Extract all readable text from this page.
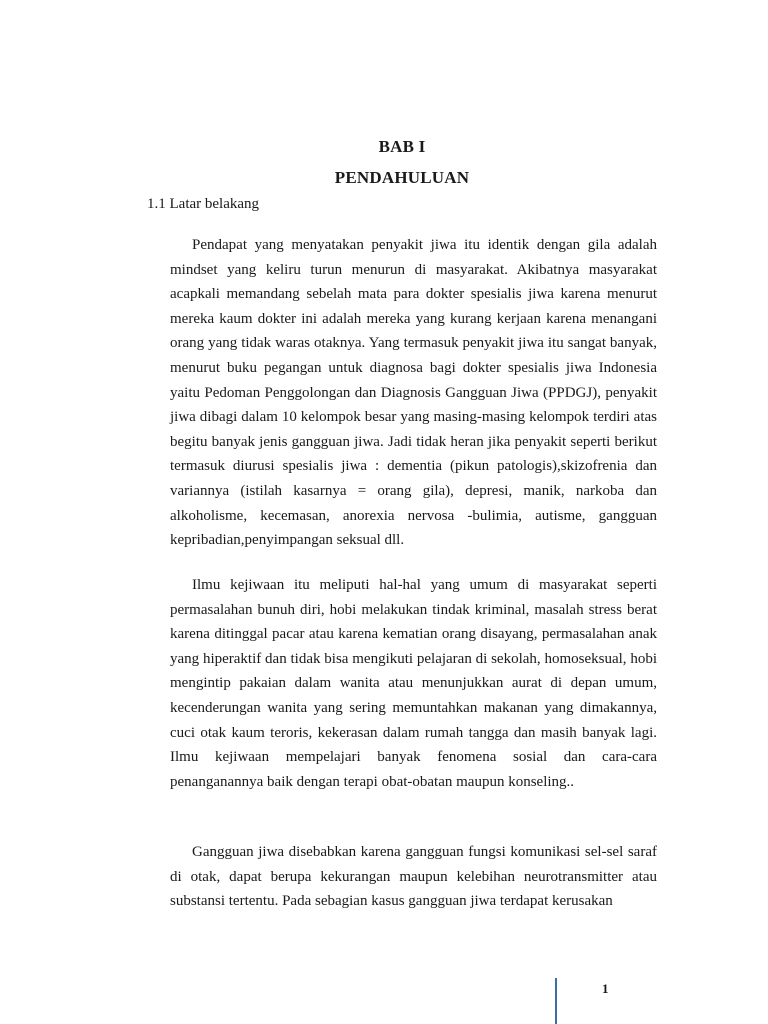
BAB I
PENDAHULUAN
1.1 Latar belakang

Pendapat yang menyatakan penyakit jiwa itu identik dengan gila adalah mindset yang keliru turun menurun di masyarakat. Akibatnya masyarakat acapkali memandang sebelah mata para dokter spesialis jiwa karena menurut mereka kaum dokter ini adalah mereka yang kurang kerjaan karena menangani orang yang tidak waras otaknya. Yang termasuk penyakit jiwa itu sangat banyak, menurut buku pegangan untuk diagnosa bagi dokter spesialis jiwa Indonesia yaitu Pedoman Penggolongan dan Diagnosis Gangguan Jiwa (PPDGJ), penyakit jiwa dibagi dalam 10 kelompok besar yang masing-masing kelompok terdiri atas begitu banyak jenis gangguan jiwa. Jadi tidak heran jika penyakit seperti berikut termasuk diurusi spesialis jiwa : dementia (pikun patologis),skizofrenia dan variannya (istilah kasarnya = orang gila), depresi, manik, narkoba dan alkoholisme, kecemasan, anorexia nervosa -bulimia, autisme, gangguan kepribadian,penyimpangan seksual dll.

Ilmu kejiwaan itu meliputi hal-hal yang umum di masyarakat seperti permasalahan bunuh diri, hobi melakukan tindak kriminal, masalah stress berat karena ditinggal pacar atau karena kematian orang disayang, permasalahan anak yang hiperaktif dan tidak bisa mengikuti pelajaran di sekolah, homoseksual, hobi mengintip pakaian dalam wanita atau menunjukkan aurat di depan umum, kecenderungan wanita yang sering memuntahkan makanan yang dimakannya, cuci otak kaum teroris, kekerasan dalam rumah tangga dan masih banyak lagi. Ilmu kejiwaan mempelajari banyak fenomena sosial dan cara-cara penanganannya baik dengan terapi obat-obatan maupun konseling..

Gangguan jiwa disebabkan karena gangguan fungsi komunikasi sel-sel saraf di otak, dapat berupa kekurangan maupun kelebihan neurotransmitter atau substansi tertentu. Pada sebagian kasus gangguan jiwa terdapat kerusakan

1
